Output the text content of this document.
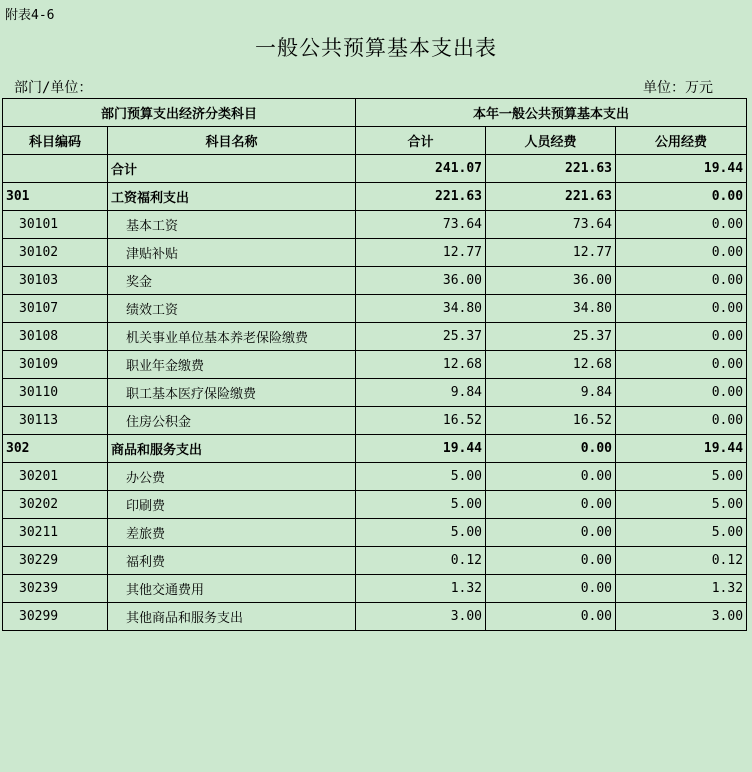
附表4-6
一般公共预算基本支出表
部门/单位：	单位：万元
部门预算支出经济分类科目		本年一般公共预算基本支出		
科目编码	科目名称	合计	人员经费	公用经费
	合计	241.07	221.63	19.44
301	工资福利支出	221.63	221.63	0.00
30101	基本工资	73.64	73.64	0.00
30102	津贴补贴	12.77	12.77	0.00
30103	奖金	36.00	36.00	0.00
30107	绩效工资	34.80	34.80	0.00
30108	机关事业单位基本养老保险缴费	25.37	25.37	0.00
30109	职业年金缴费	12.68	12.68	0.00
30110	职工基本医疗保险缴费	9.84	9.84	0.00
30113	住房公积金	16.52	16.52	0.00
302	商品和服务支出	19.44	0.00	19.44
30201	办公费	5.00	0.00	5.00
30202	印刷费	5.00	0.00	5.00
30211	差旅费	5.00	0.00	5.00
30229	福利费	0.12	0.00	0.12
30239	其他交通费用	1.32	0.00	1.32
30299	其他商品和服务支出	3.00	0.00	3.00
